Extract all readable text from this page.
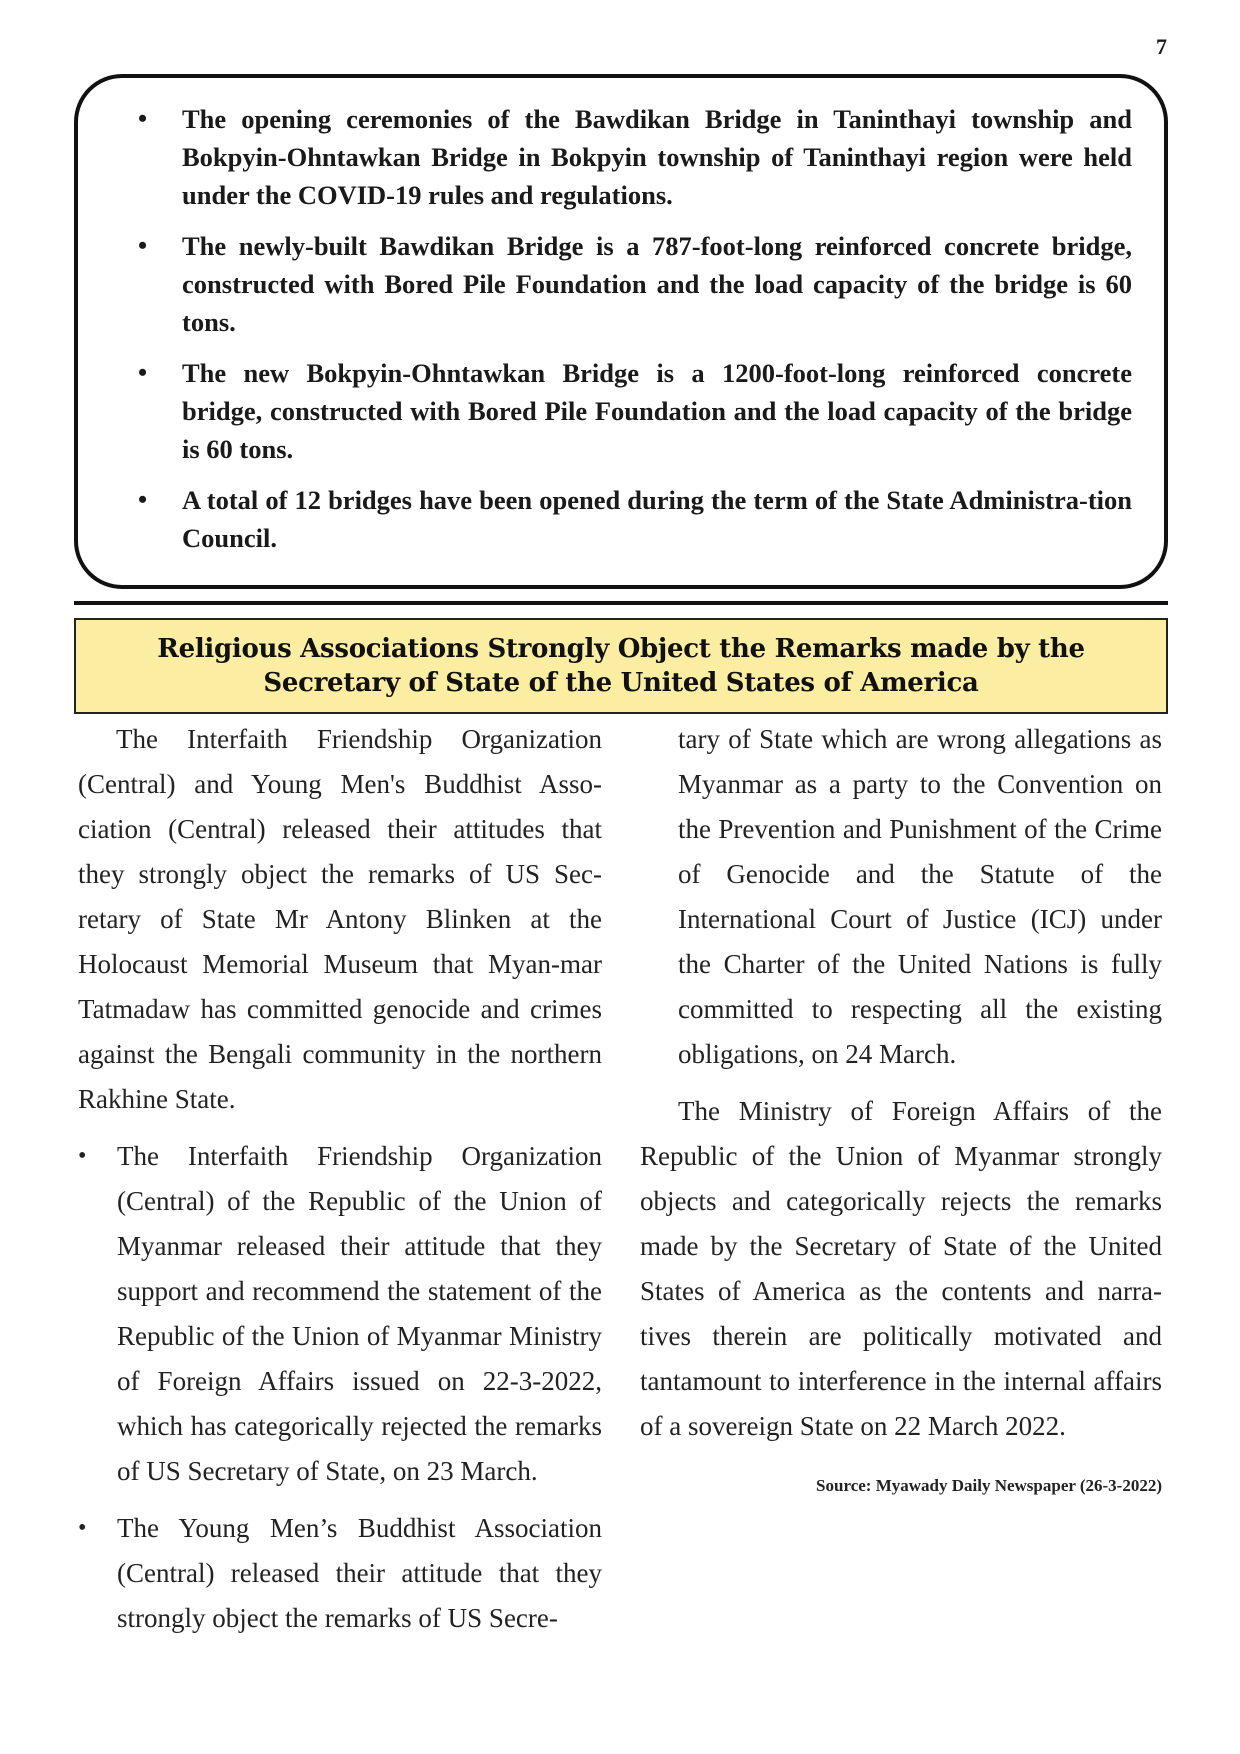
7
• The opening ceremonies of the Bawdikan Bridge in Taninthayi township and Bokpyin-Ohntawkan Bridge in Bokpyin township of Taninthayi region were held under the COVID-19 rules and regulations.
• The newly-built Bawdikan Bridge is a 787-foot-long reinforced concrete bridge, constructed with Bored Pile Foundation and the load capacity of the bridge is 60 tons.
• The new Bokpyin-Ohntawkan Bridge is a 1200-foot-long reinforced concrete bridge, constructed with Bored Pile Foundation and the load capacity of the bridge is 60 tons.
• A total of 12 bridges have been opened during the term of the State Administra-tion Council.
Religious Associations Strongly Object the Remarks made by the Secretary of State of the United States of America

The Interfaith Friendship Organization (Central) and Young Men's Buddhist Asso-ciation (Central) released their attitudes that they strongly object the remarks of US Sec-retary of State Mr Antony Blinken at the Holocaust Memorial Museum that Myan-mar Tatmadaw has committed genocide and crimes against the Bengali community in the northern Rakhine State.

• The Interfaith Friendship Organization (Central) of the Republic of the Union of Myanmar released their attitude that they support and recommend the statement of the Republic of the Union of Myanmar Ministry of Foreign Affairs issued on 22-3-2022, which has categorically rejected the remarks of US Secretary of State, on 23 March.
• The Young Men’s Buddhist Association (Central) released their attitude that they strongly object the remarks of US Secre-

tary of State which are wrong allegations as Myanmar as a party to the Convention on the Prevention and Punishment of the Crime of Genocide and the Statute of the International Court of Justice (ICJ) under the Charter of the United Nations is fully committed to respecting all the existing obligations, on 24 March.

The Ministry of Foreign Affairs of the Republic of the Union of Myanmar strongly objects and categorically rejects the remarks made by the Secretary of State of the United States of America as the contents and narra-tives therein are politically motivated and tantamount to interference in the internal affairs of a sovereign State on 22 March 2022.

Source: Myawady Daily Newspaper (26-3-2022)
